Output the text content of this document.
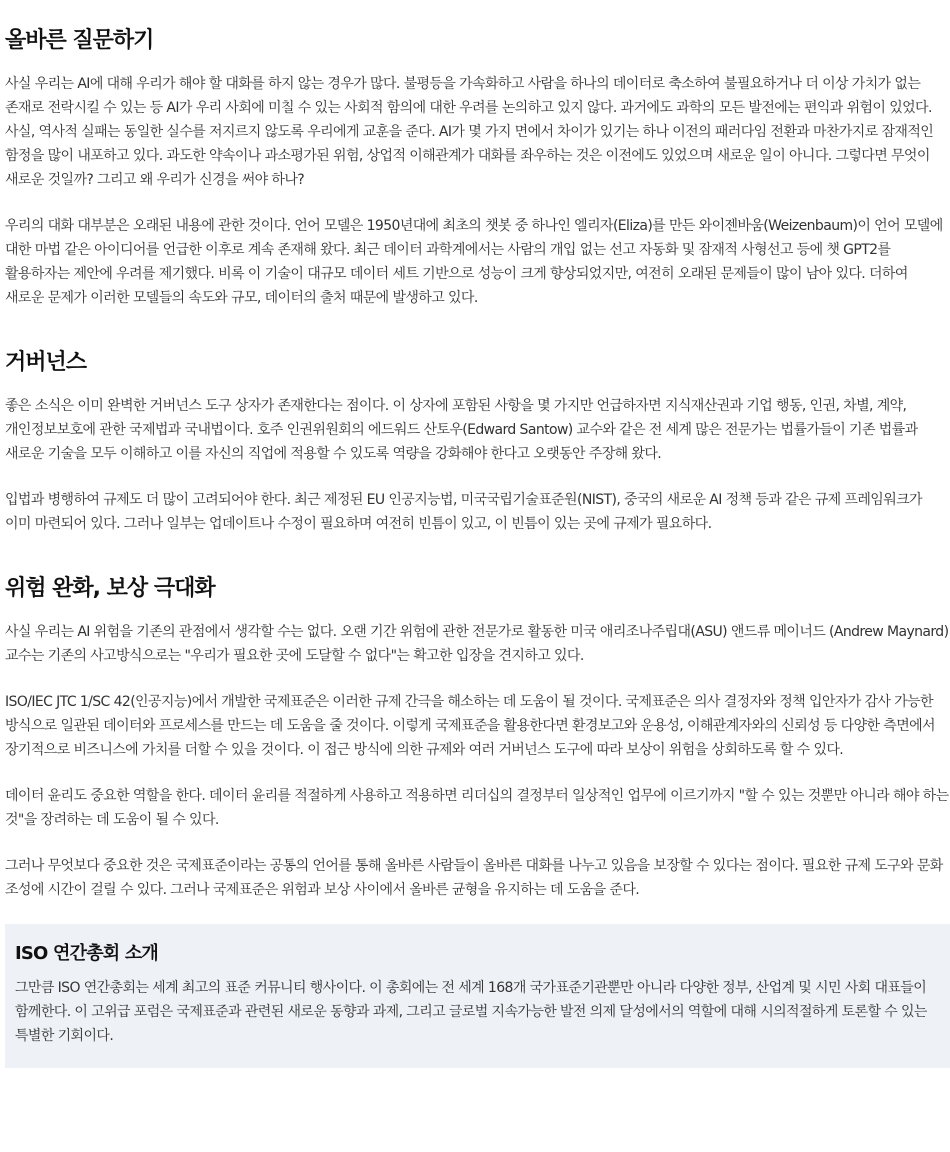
올바른 질문하기

사실 우리는 AI에 대해 우리가 해야 할 대화를 하지 않는 경우가 많다. 불평등을 가속화하고 사람을 하나의 데이터로 축소하여 불필요하거나 더 이상 가치가 없는 존재로 전락시킬 수 있는 등 AI가 우리 사회에 미칠 수 있는 사회적 함의에 대한 우려를 논의하고 있지 않다. 과거에도 과학의 모든 발전에는 편익과 위험이 있었다. 사실, 역사적 실패는 동일한 실수를 저지르지 않도록 우리에게 교훈을 준다. AI가 몇 가지 면에서 차이가 있기는 하나 이전의 패러다임 전환과 마찬가지로 잠재적인 함정을 많이 내포하고 있다. 과도한 약속이나 과소평가된 위험, 상업적 이해관계가 대화를 좌우하는 것은 이전에도 있었으며 새로운 일이 아니다. 그렇다면 무엇이 새로운 것일까? 그리고 왜 우리가 신경을 써야 하나?

우리의 대화 대부분은 오래된 내용에 관한 것이다. 언어 모델은 1950년대에 최초의 챗봇 중 하나인 엘리자(Eliza)를 만든 와이젠바움(Weizenbaum)이 언어 모델에 대한 마법 같은 아이디어를 언급한 이후로 계속 존재해 왔다. 최근 데이터 과학계에서는 사람의 개입 없는 선고 자동화 및 잠재적 사형선고 등에 챗 GPT2를 활용하자는 제안에 우려를 제기했다. 비록 이 기술이 대규모 데이터 세트 기반으로 성능이 크게 향상되었지만, 여전히 오래된 문제들이 많이 남아 있다. 더하여 새로운 문제가 이러한 모델들의 속도와 규모, 데이터의 출처 때문에 발생하고 있다.

거버넌스

좋은 소식은 이미 완벽한 거버넌스 도구 상자가 존재한다는 점이다. 이 상자에 포함된 사항을 몇 가지만 언급하자면 지식재산권과 기업 행동, 인권, 차별, 계약, 개인정보보호에 관한 국제법과 국내법이다. 호주 인권위원회의 에드워드 산토우(Edward Santow) 교수와 같은 전 세계 많은 전문가는 법률가들이 기존 법률과 새로운 기술을 모두 이해하고 이를 자신의 직업에 적용할 수 있도록 역량을 강화해야 한다고 오랫동안 주장해 왔다.

입법과 병행하여 규제도 더 많이 고려되어야 한다. 최근 제정된 EU 인공지능법, 미국국립기술표준원(NIST), 중국의 새로운 AI 정책 등과 같은 규제 프레임워크가 이미 마련되어 있다. 그러나 일부는 업데이트나 수정이 필요하며 여전히 빈틈이 있고, 이 빈틈이 있는 곳에 규제가 필요하다.

위험 완화, 보상 극대화

사실 우리는 AI 위험을 기존의 관점에서 생각할 수는 없다. 오랜 기간 위험에 관한 전문가로 활동한 미국 애리조나주립대(ASU) 앤드류 메이너드 (Andrew Maynard) 교수는 기존의 사고방식으로는 "우리가 필요한 곳에 도달할 수 없다"는 확고한 입장을 견지하고 있다.

ISO/IEC JTC 1/SC 42(인공지능)에서 개발한 국제표준은 이러한 규제 간극을 해소하는 데 도움이 될 것이다. 국제표준은 의사 결정자와 정책 입안자가 감사 가능한 방식으로 일관된 데이터와 프로세스를 만드는 데 도움을 줄 것이다. 이렇게 국제표준을 활용한다면 환경보고와 운용성, 이해관계자와의 신뢰성 등 다양한 측면에서 장기적으로 비즈니스에 가치를 더할 수 있을 것이다. 이 접근 방식에 의한 규제와 여러 거버넌스 도구에 따라 보상이 위험을 상회하도록 할 수 있다.

데이터 윤리도 중요한 역할을 한다. 데이터 윤리를 적절하게 사용하고 적용하면 리더십의 결정부터 일상적인 업무에 이르기까지 "할 수 있는 것뿐만 아니라 해야 하는 것"을 장려하는 데 도움이 될 수 있다.

그러나 무엇보다 중요한 것은 국제표준이라는 공통의 언어를 통해 올바른 사람들이 올바른 대화를 나누고 있음을 보장할 수 있다는 점이다. 필요한 규제 도구와 문화 조성에 시간이 걸릴 수 있다. 그러나 국제표준은 위험과 보상 사이에서 올바른 균형을 유지하는 데 도움을 준다.

ISO 연간총회 소개

그만큼 ISO 연간총회는 세계 최고의 표준 커뮤니티 행사이다. 이 총회에는 전 세계 168개 국가표준기관뿐만 아니라 다양한 정부, 산업계 및 시민 사회 대표들이 함께한다. 이 고위급 포럼은 국제표준과 관련된 새로운 동향과 과제, 그리고 글로벌 지속가능한 발전 의제 달성에서의 역할에 대해 시의적절하게 토론할 수 있는 특별한 기회이다.
